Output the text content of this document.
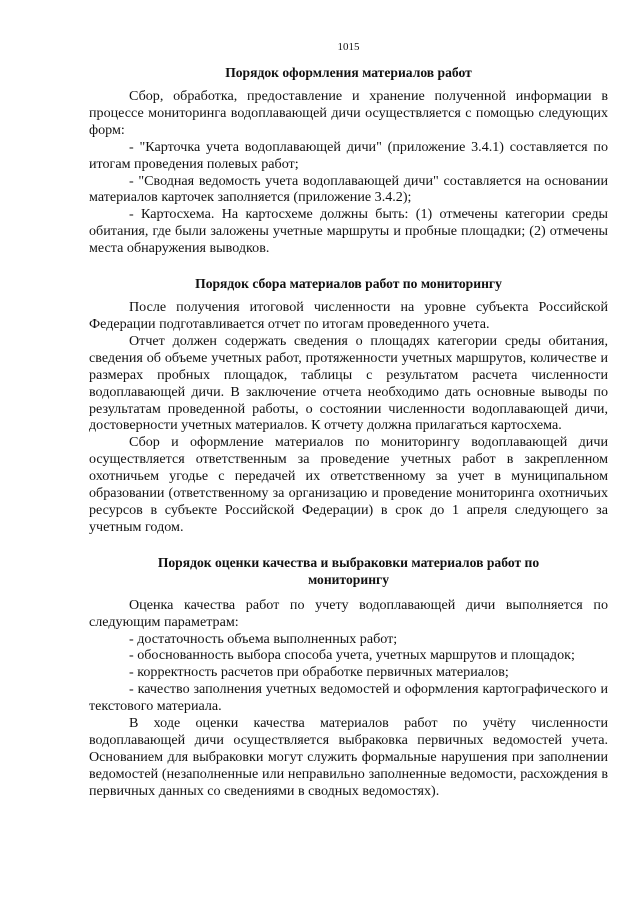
1015
Порядок оформления материалов работ

Сбор, обработка, предоставление и хранение полученной информации в процессе мониторинга водоплавающей дичи осуществляется с помощью следующих форм:

- "Карточка учета водоплавающей дичи" (приложение 3.4.1) составляется по итогам проведения полевых работ;

- "Сводная ведомость учета водоплавающей дичи" составляется на основании материалов карточек заполняется (приложение 3.4.2);

- Картосхема. На картосхеме должны быть: (1) отмечены категории среды обитания, где были заложены учетные маршруты и пробные площадки; (2) отмечены места обнаружения выводков.

Порядок сбора материалов работ по мониторингу

После получения итоговой численности на уровне субъекта Российской Федерации подготавливается отчет по итогам проведенного учета.

Отчет должен содержать сведения о площадях категории среды обитания, сведения об объеме учетных работ, протяженности учетных маршрутов, количестве и размерах пробных площадок, таблицы с результатом расчета численности водоплавающей дичи. В заключение отчета необходимо дать основные выводы по результатам проведенной работы, о состоянии численности водоплавающей дичи, достоверности учетных материалов. К отчету должна прилагаться картосхема.

Сбор и оформление материалов по мониторингу водоплавающей дичи осуществляется ответственным за проведение учетных работ в закрепленном охотничьем угодье с передачей их ответственному за учет в муниципальном образовании (ответственному за организацию и проведение мониторинга охотничьих ресурсов в субъекте Российской Федерации) в срок до 1 апреля следующего за учетным годом.

Порядок оценки качества и выбраковки материалов работ по
мониторингу

Оценка качества работ по учету водоплавающей дичи выполняется по следующим параметрам:

- достаточность объема выполненных работ;

- обоснованность выбора способа учета, учетных маршрутов и площадок;

- корректность расчетов при обработке первичных материалов;

- качество заполнения учетных ведомостей и оформления картографического и текстового материала.

В ходе оценки качества материалов работ по учёту численности водоплавающей дичи осуществляется выбраковка первичных ведомостей учета. Основанием для выбраковки могут служить формальные нарушения при заполнении ведомостей (незаполненные или неправильно заполненные ведомости, расхождения в первичных данных со сведениями в сводных ведомостях).
